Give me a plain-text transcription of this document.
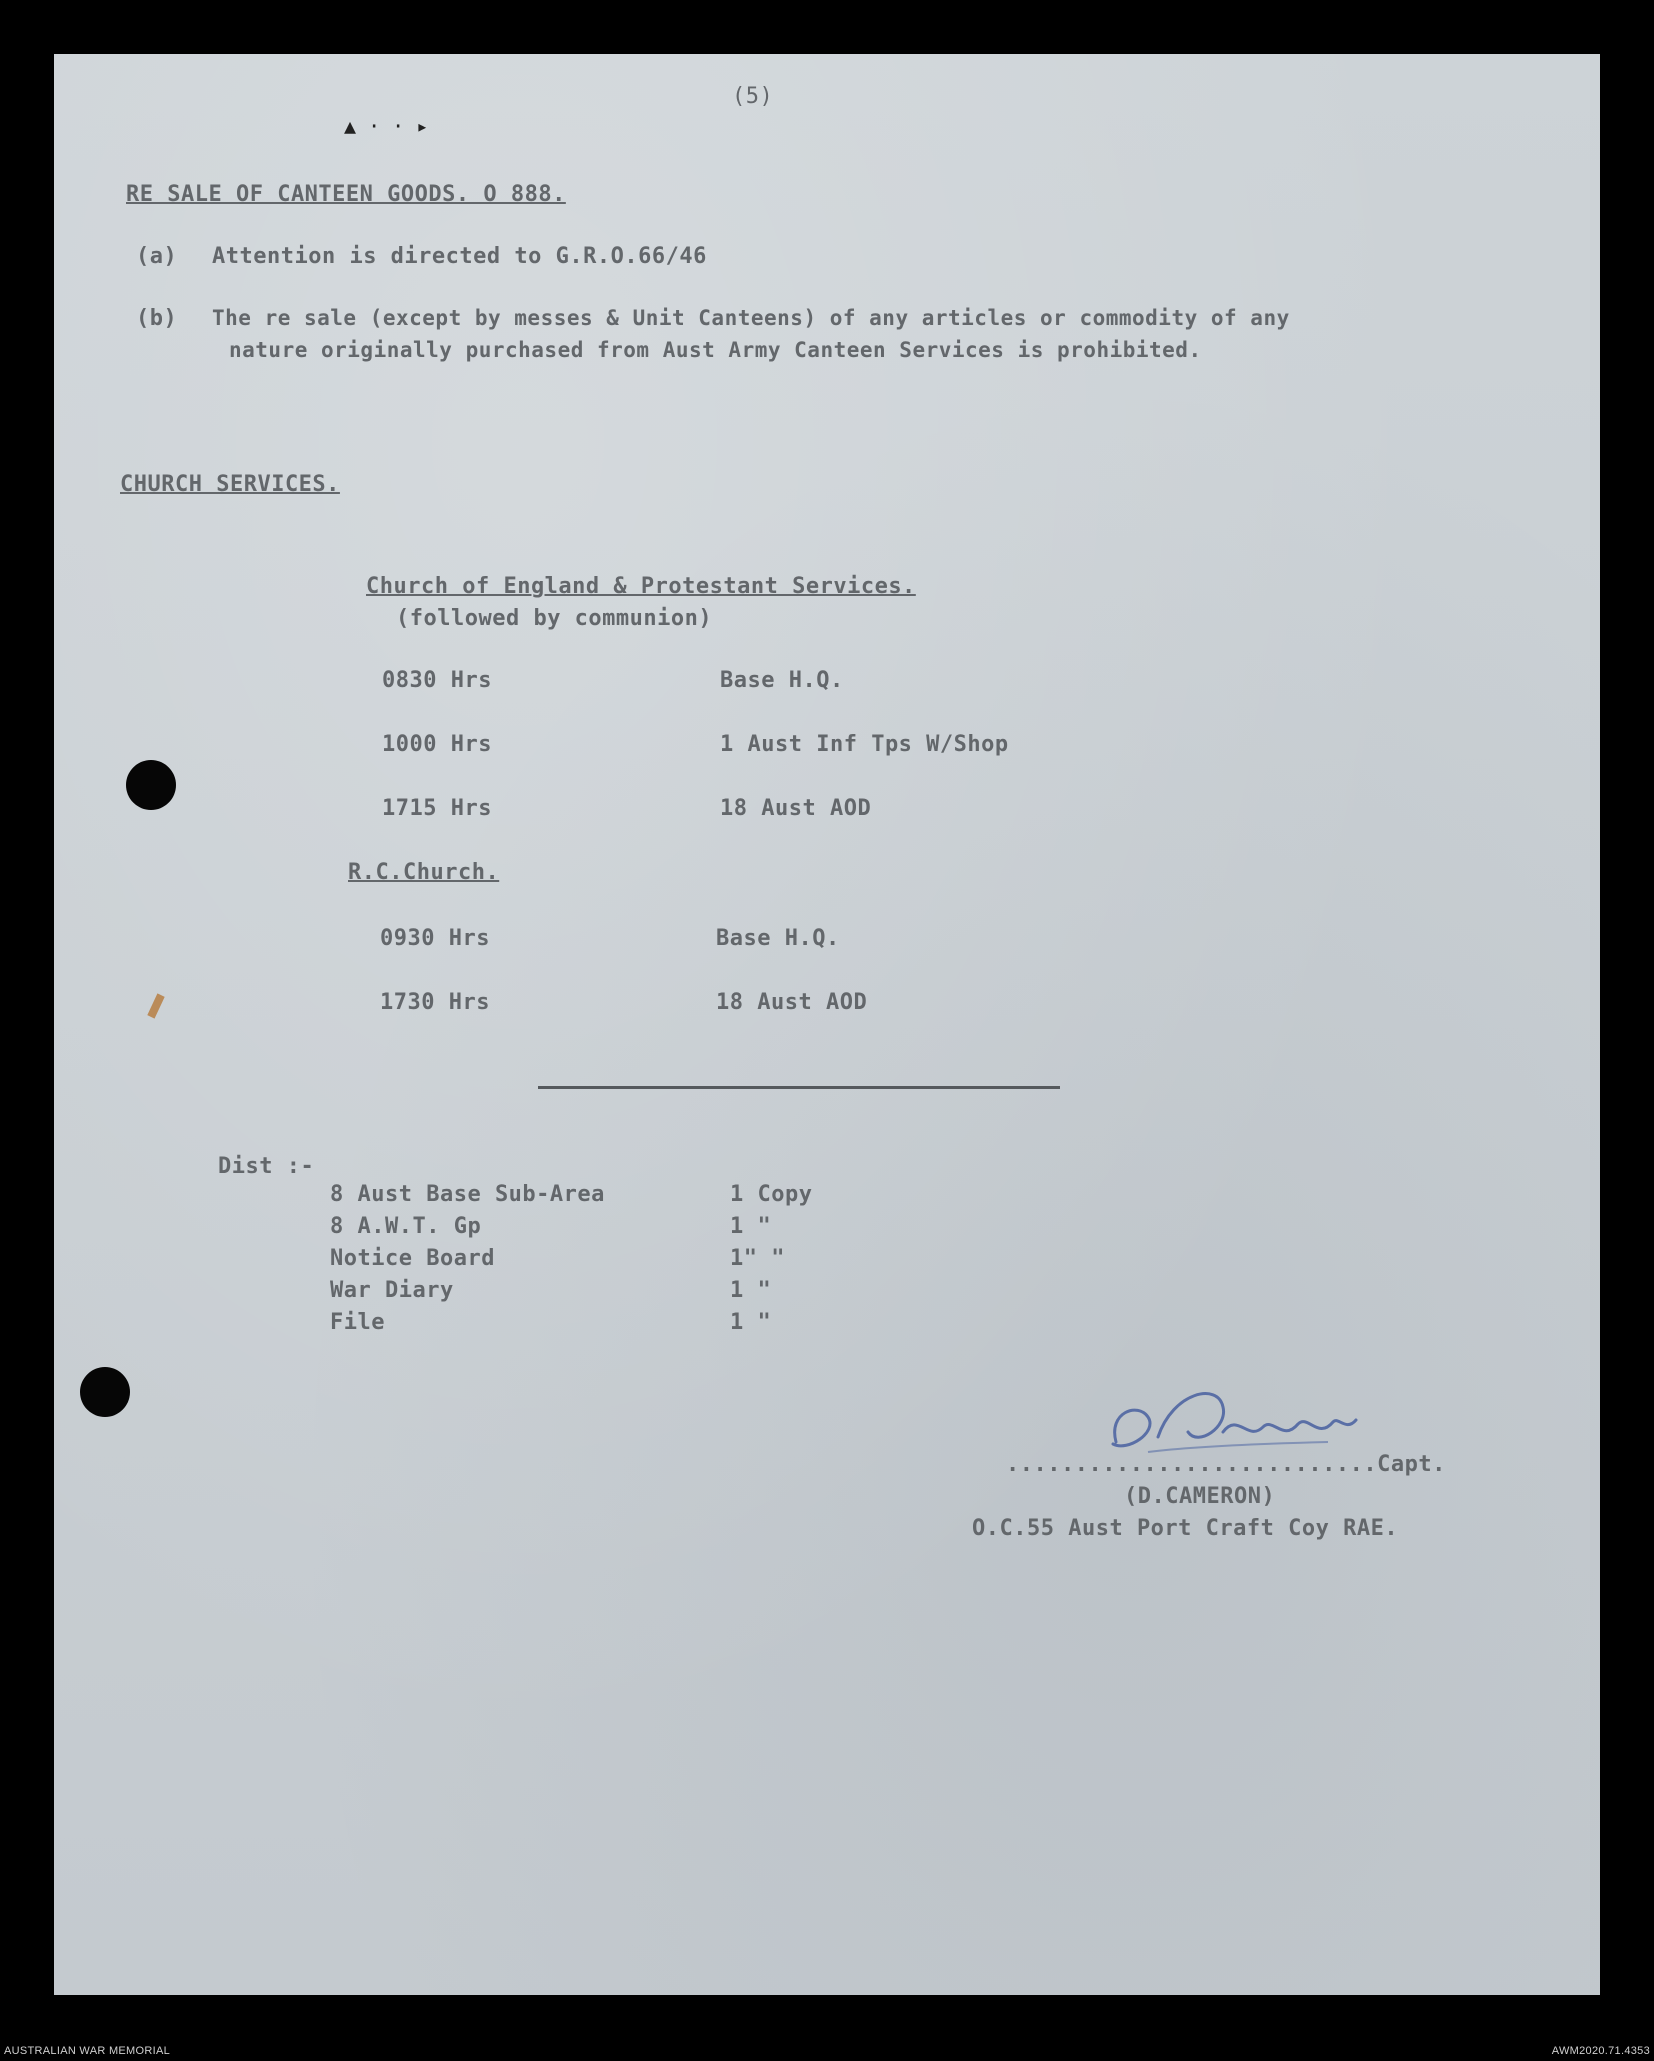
▲ · · ▸
(5)
RE SALE OF CANTEEN GOODS. O 888.
(a) Attention is directed to G.R.O.66/46
(b) The re sale (except by messes & Unit Canteens) of any articles or commodity of any
nature originally purchased from Aust Army Canteen Services is prohibited.
CHURCH SERVICES.
Church of England & Protestant Services.
(followed by communion)
0830 Hrs	Base H.Q.
1000 Hrs	1 Aust Inf Tps W/Shop
1715 Hrs	18 Aust AOD
R.C.Church.
0930 Hrs	Base H.Q.
1730 Hrs	18 Aust AOD
Dist :-
8 Aust Base Sub-Area	1 Copy
8 A.W.T. Gp	1 "
Notice Board	1" "
War Diary	1 "
File	1 "
...........................Capt.
(D.CAMERON)
O.C.55 Aust Port Craft Coy RAE.
AUSTRALIAN WAR MEMORIAL	AWM2020.71.4353
